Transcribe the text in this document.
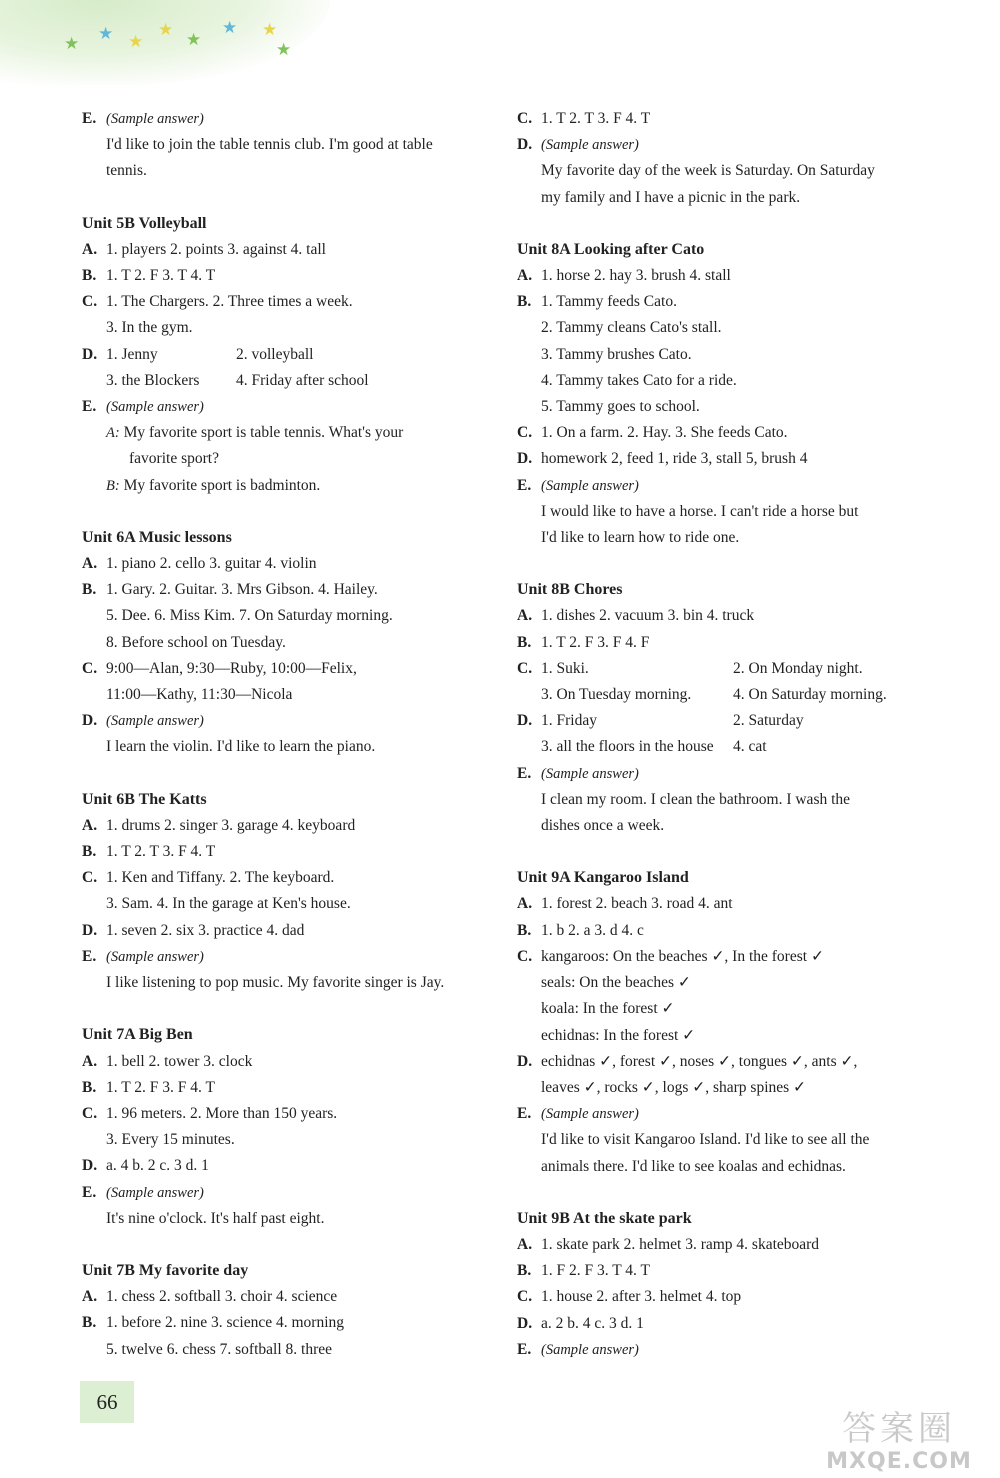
★ ★ ★
★ ★
★ ★
★
E. (Sample answer)
I'd like to join the table tennis club. I'm good at table
tennis.
Unit 5B Volleyball
A. 1. players 2. points 3. against 4. tall
B. 1. T 2. F 3. T 4. T
C. 1. The Chargers. 2. Three times a week.
3. In the gym.
D. 1. Jenny	2. volleyball
3. the Blockers 4. Friday after school
E. (Sample answer)
A: My favorite sport is table tennis. What's your
favorite sport?
B: My favorite sport is badminton.
Unit 6A Music lessons
A. 1. piano 2. cello 3. guitar 4. violin
B. 1. Gary. 2. Guitar. 3. Mrs Gibson. 4. Hailey.
5. Dee. 6. Miss Kim. 7. On Saturday morning.
8. Before school on Tuesday.
C. 9:00—Alan, 9:30—Ruby, 10:00—Felix,
11:00—Kathy, 11:30—Nicola
D. (Sample answer)
I learn the violin. I'd like to learn the piano.
Unit 6B The Katts
A. 1. drums 2. singer 3. garage 4. keyboard
B. 1. T 2. T 3. F 4. T
C. 1. Ken and Tiffany. 2. The keyboard.
3. Sam. 4. In the garage at Ken's house.
D. 1. seven 2. six 3. practice 4. dad
E. (Sample answer)
I like listening to pop music. My favorite singer is Jay.
Unit 7A Big Ben
A. 1. bell 2. tower 3. clock
B. 1. T 2. F 3. F 4. T
C. 1. 96 meters. 2. More than 150 years.
3. Every 15 minutes.
D. a. 4 b. 2 c. 3 d. 1
E. (Sample answer)
It's nine o'clock. It's half past eight.
Unit 7B My favorite day
A. 1. chess 2. softball 3. choir 4. science
B. 1. before 2. nine 3. science 4. morning
5. twelve 6. chess 7. softball 8. three
C. 1. T 2. T 3. F 4. T
D. (Sample answer)
My favorite day of the week is Saturday. On Saturday
my family and I have a picnic in the park.
Unit 8A Looking after Cato
A. 1. horse 2. hay 3. brush 4. stall
B. 1. Tammy feeds Cato.
2. Tammy cleans Cato's stall.
3. Tammy brushes Cato.
4. Tammy takes Cato for a ride.
5. Tammy goes to school.
C. 1. On a farm. 2. Hay. 3. She feeds Cato.
D. homework 2, feed 1, ride 3, stall 5, brush 4
E. (Sample answer)
I would like to have a horse. I can't ride a horse but
I'd like to learn how to ride one.
Unit 8B Chores
A. 1. dishes 2. vacuum 3. bin 4. truck
B. 1. T 2. F 3. F 4. F
C. 1. Suki.	2. On Monday night.
3. On Tuesday morning.	4. On Saturday morning.
D. 1. Friday	2. Saturday
3. all the floors in the house 4. cat
E. (Sample answer)
I clean my room. I clean the bathroom. I wash the
dishes once a week.
Unit 9A Kangaroo Island
A. 1. forest 2. beach 3. road 4. ant
B. 1. b 2. a 3. d 4. c
C. kangaroos: On the beaches ✓, In the forest ✓
seals: On the beaches ✓
koala: In the forest ✓
echidnas: In the forest ✓
D. echidnas ✓, forest ✓, noses ✓, tongues ✓, ants ✓,
leaves ✓, rocks ✓, logs ✓, sharp spines ✓
E. (Sample answer)
I'd like to visit Kangaroo Island. I'd like to see all the
animals there. I'd like to see koalas and echidnas.
Unit 9B At the skate park
A. 1. skate park 2. helmet 3. ramp 4. skateboard
B. 1. F 2. F 3. T 4. T
C. 1. house 2. after 3. helmet 4. top
D. a. 2 b. 4 c. 3 d. 1
E. (Sample answer)
66
答案圈
MXQE.COM
